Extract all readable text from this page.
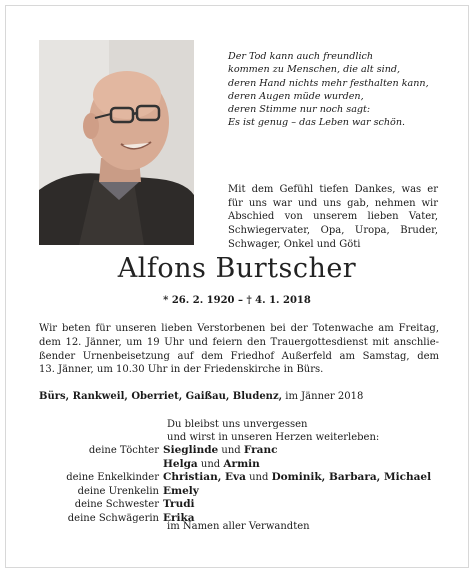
Der Tod kann auch freundlich
kommen zu Menschen, die alt sind,
deren Hand nichts mehr festhalten kann,
deren Augen müde wurden,
deren Stimme nur noch sagt:
Es ist genug – das Leben war schön.
Mit dem Gefühl tiefen Dankes, was er
für uns war und uns gab, nehmen wir
Abschied von unserem lieben Vater,
Schwiegervater, Opa, Uropa, Bruder,
Schwager, Onkel und Göti
Alfons Burtscher
* 26. 2. 1920 – † 4. 1. 2018
Wir beten für unseren lieben Verstorbenen bei der Totenwache am Freitag,
dem 12. Jänner, um 19 Uhr und feiern den Trauergottesdienst mit anschlie-
ßender Urnenbeisetzung auf dem Friedhof Außerfeld am Samstag, dem
13. Jänner, um 10.30 Uhr in der Friedenskirche in Bürs.
Bürs, Rankweil, Oberriet, Gaißau, Bludenz, im Jänner 2018
Du bleibst uns unvergessen
und wirst in unseren Herzen weiterleben:
deine Töchter Sieglinde und Franc
Helga und Armin
deine Enkelkinder Christian, Eva und Dominik, Barbara, Michael
deine Urenkelin Emely
deine Schwester Trudi
deine Schwägerin Erika
im Namen aller Verwandten
